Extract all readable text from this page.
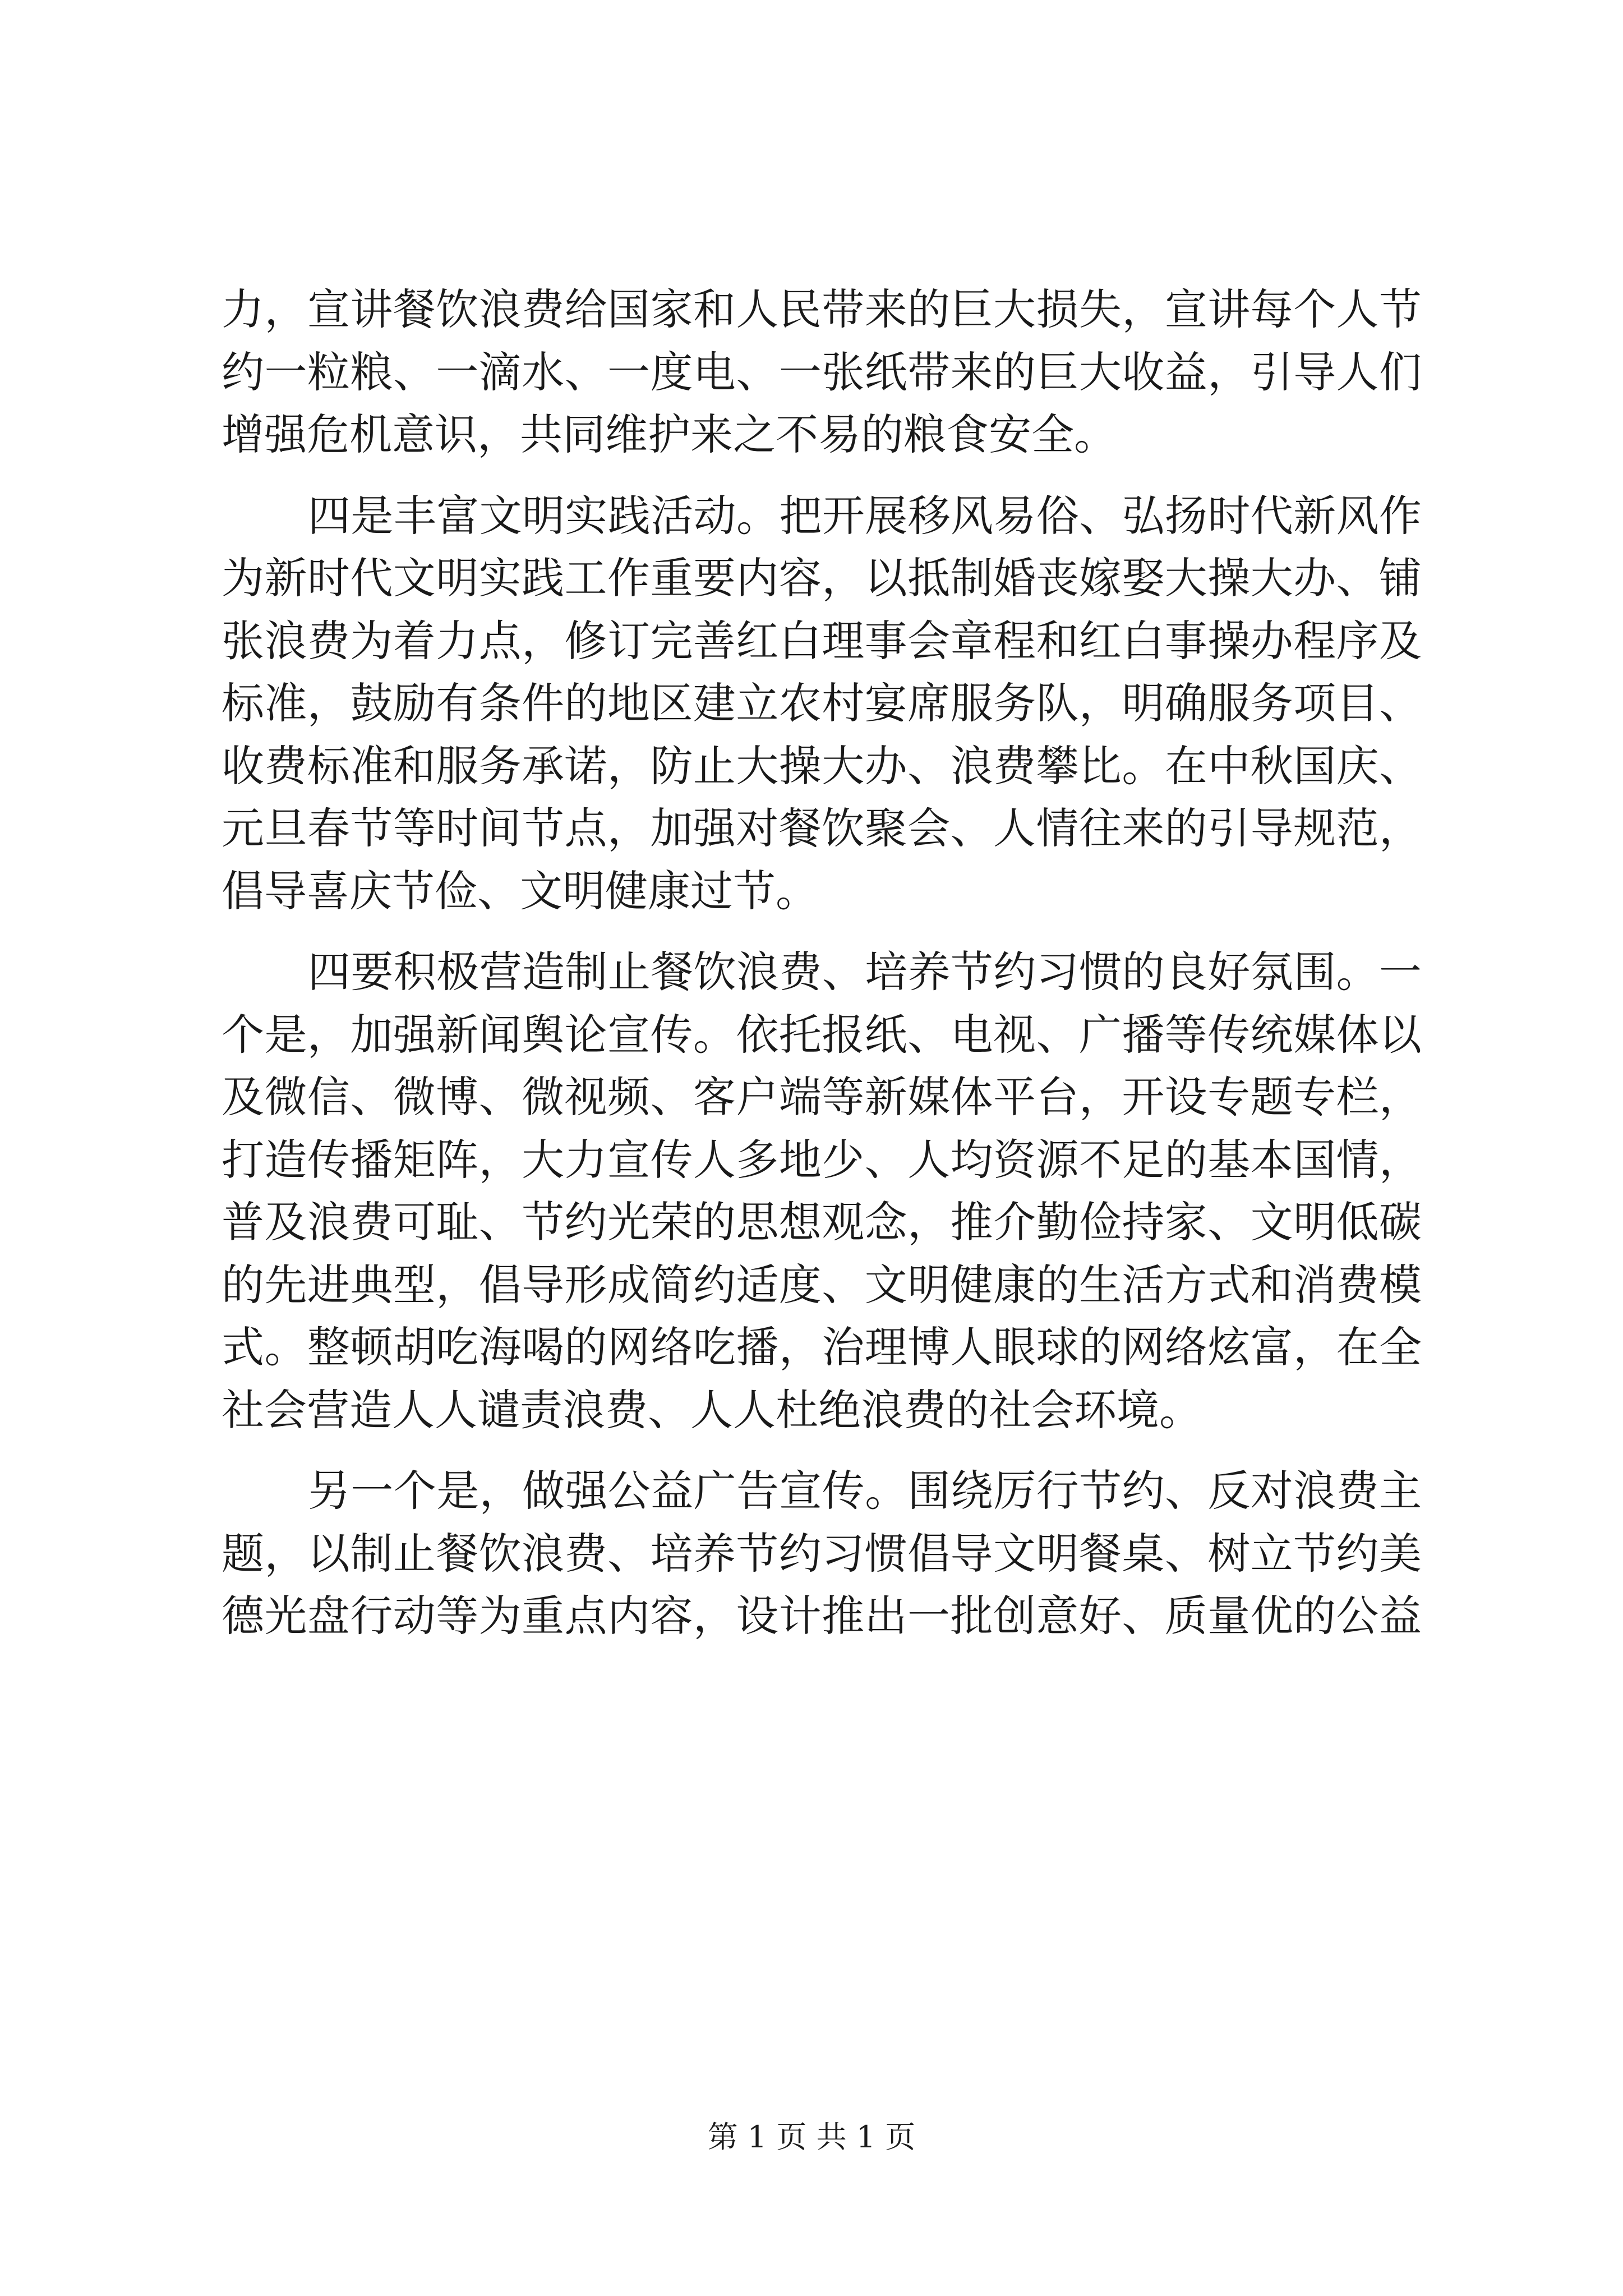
力，宣讲餐饮浪费给国家和人民带来的巨大损失，宣讲每个人节
约一粒粮、一滴水、一度电、一张纸带来的巨大收益，引导人们
增强危机意识，共同维护来之不易的粮食安全。
四是丰富文明实践活动。把开展移风易俗、弘扬时代新风作
为新时代文明实践工作重要内容，以抵制婚丧嫁娶大操大办、铺
张浪费为着力点，修订完善红白理事会章程和红白事操办程序及
标准，鼓励有条件的地区建立农村宴席服务队，明确服务项目、
收费标准和服务承诺，防止大操大办、浪费攀比。在中秋国庆、
元旦春节等时间节点，加强对餐饮聚会、人情往来的引导规范，
倡导喜庆节俭、文明健康过节。
四要积极营造制止餐饮浪费、培养节约习惯的良好氛围。一
个是，加强新闻舆论宣传。依托报纸、电视、广播等传统媒体以
及微信、微博、微视频、客户端等新媒体平台，开设专题专栏，
打造传播矩阵，大力宣传人多地少、人均资源不足的基本国情，
普及浪费可耻、节约光荣的思想观念，推介勤俭持家、文明低碳
的先进典型，倡导形成简约适度、文明健康的生活方式和消费模
式。整顿胡吃海喝的网络吃播，治理博人眼球的网络炫富，在全
社会营造人人谴责浪费、人人杜绝浪费的社会环境。
另一个是，做强公益广告宣传。围绕厉行节约、反对浪费主
题，以制止餐饮浪费、培养节约习惯倡导文明餐桌、树立节约美
德光盘行动等为重点内容，设计推出一批创意好、质量优的公益
第 1 页 共 1 页
